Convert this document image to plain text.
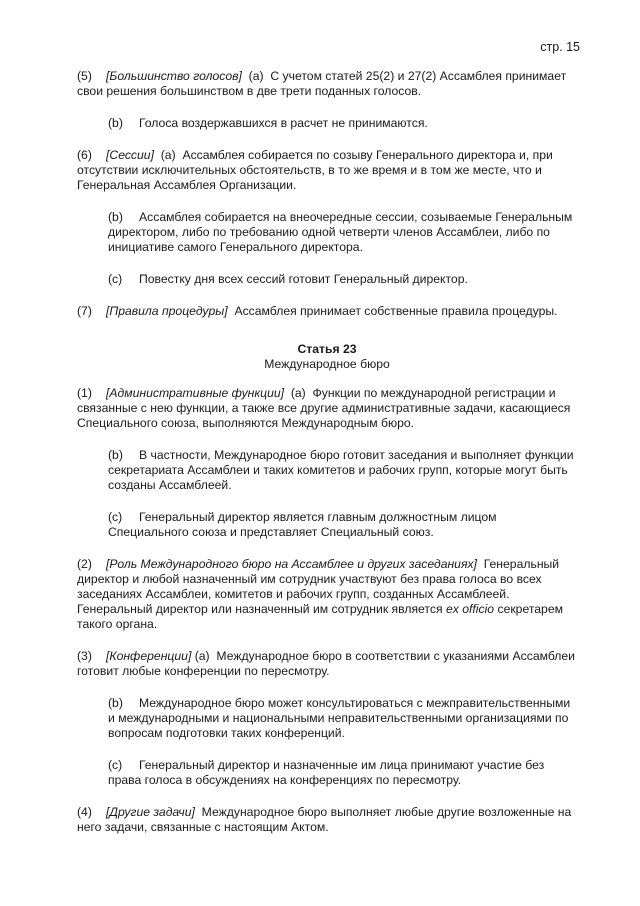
стр. 15

(5) [Большинство голосов] (a) С учетом статей 25(2) и 27(2) Ассамблея принимает свои решения большинством в две трети поданных голосов.

(b) Голоса воздержавшихся в расчет не принимаются.

(6) [Сессии] (a) Ассамблея собирается по созыву Генерального директора и, при отсутствии исключительных обстоятельств, в то же время и в том же месте, что и Генеральная Ассамблея Организации.

(b) Ассамблея собирается на внеочередные сессии, созываемые Генеральным директором, либо по требованию одной четверти членов Ассамблеи, либо по инициативе самого Генерального директора.

(c) Повестку дня всех сессий готовит Генеральный директор.

(7) [Правила процедуры] Ассамблея принимает собственные правила процедуры.

Статья 23
Международное бюро

(1) [Административные функции] (a) Функции по международной регистрации и связанные с нею функции, а также все другие административные задачи, касающиеся Специального союза, выполняются Международным бюро.

(b) В частности, Международное бюро готовит заседания и выполняет функции секретариата Ассамблеи и таких комитетов и рабочих групп, которые могут быть созданы Ассамблеей.

(c) Генеральный директор является главным должностным лицом Специального союза и представляет Специальный союз.

(2) [Роль Международного бюро на Ассамблее и других заседаниях] Генеральный директор и любой назначенный им сотрудник участвуют без права голоса во всех заседаниях Ассамблеи, комитетов и рабочих групп, созданных Ассамблеей. Генеральный директор или назначенный им сотрудник является ex officio секретарем такого органа.

(3) [Конференции] (a) Международное бюро в соответствии с указаниями Ассамблеи готовит любые конференции по пересмотру.

(b) Международное бюро может консультироваться с межправительственными и международными и национальными неправительственными организациями по вопросам подготовки таких конференций.

(c) Генеральный директор и назначенные им лица принимают участие без права голоса в обсуждениях на конференциях по пересмотру.

(4) [Другие задачи] Международное бюро выполняет любые другие возложенные на него задачи, связанные с настоящим Актом.
